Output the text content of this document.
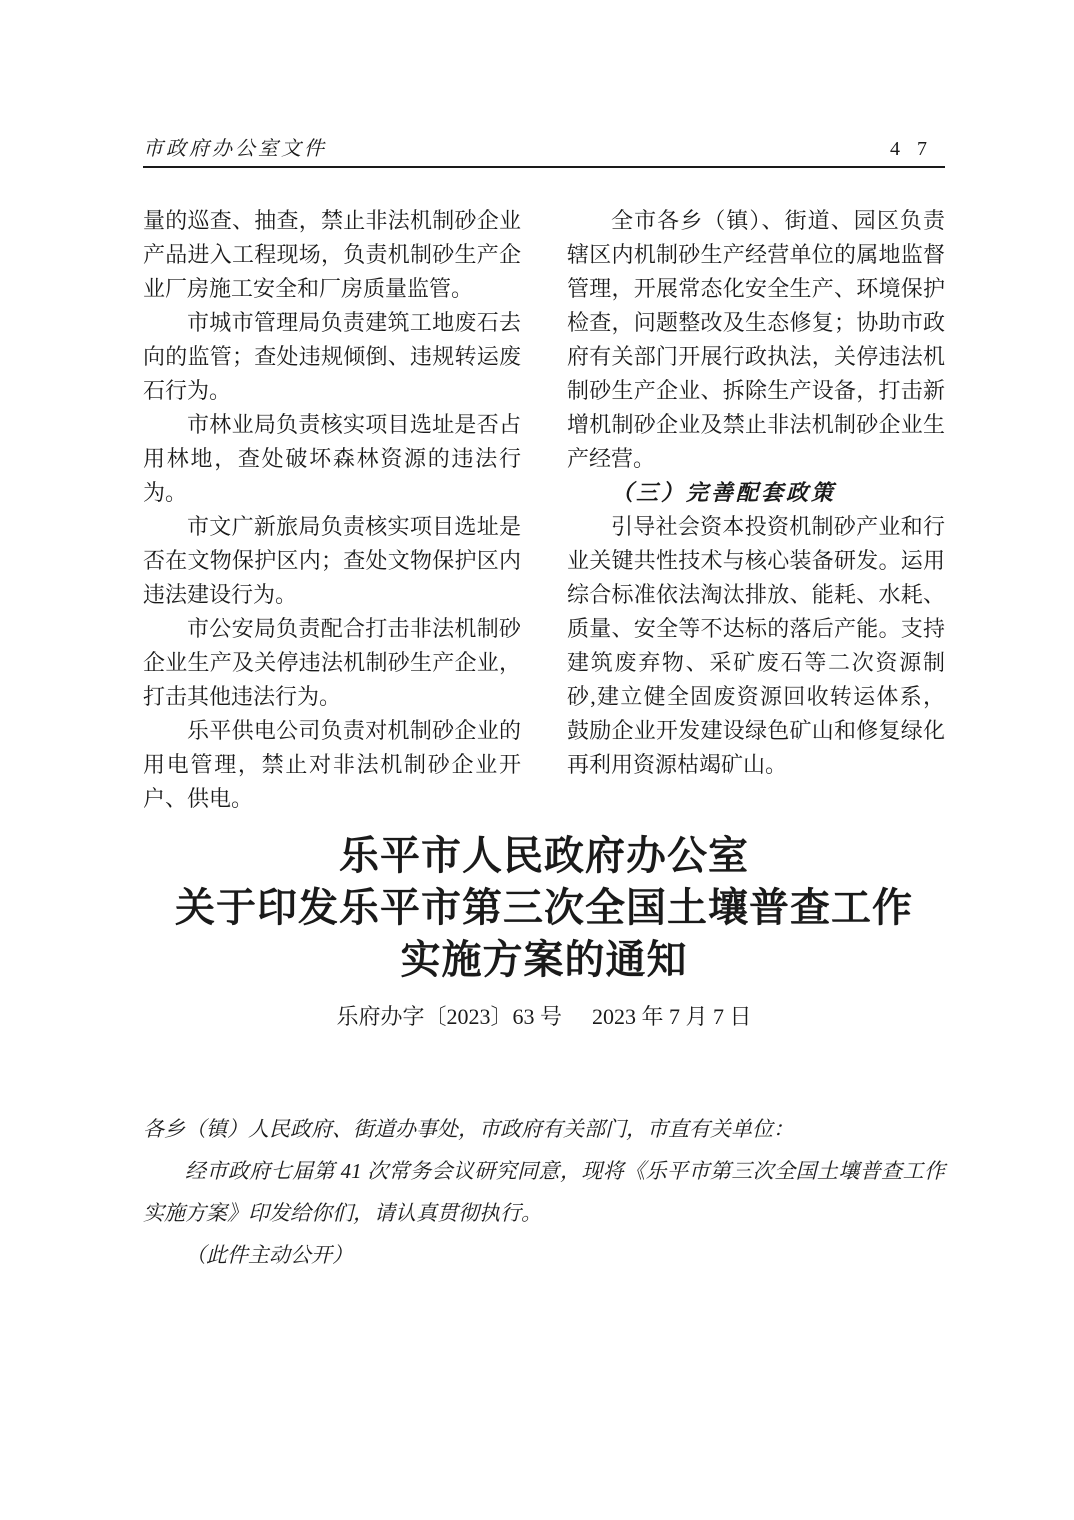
市政府办公室文件	4 7

量的巡查、抽查，禁止非法机制砂企业产品进入工程现场，负责机制砂生产企业厂房施工安全和厂房质量监管。

市城市管理局负责建筑工地废石去向的监管；查处违规倾倒、违规转运废石行为。

市林业局负责核实项目选址是否占用林地，查处破坏森林资源的违法行为。

市文广新旅局负责核实项目选址是否在文物保护区内；查处文物保护区内违法建设行为。

市公安局负责配合打击非法机制砂企业生产及关停违法机制砂生产企业，打击其他违法行为。

乐平供电公司负责对机制砂企业的用电管理，禁止对非法机制砂企业开户、供电。

全市各乡（镇）、街道、园区负责辖区内机制砂生产经营单位的属地监督管理，开展常态化安全生产、环境保护检查，问题整改及生态修复；协助市政府有关部门开展行政执法，关停违法机制砂生产企业、拆除生产设备，打击新增机制砂企业及禁止非法机制砂企业生产经营。

（三）完善配套政策

引导社会资本投资机制砂产业和行业关键共性技术与核心装备研发。运用综合标准依法淘汰排放、能耗、水耗、质量、安全等不达标的落后产能。支持建筑废弃物、采矿废石等二次资源制砂,建立健全固废资源回收转运体系，鼓励企业开发建设绿色矿山和修复绿化再利用资源枯竭矿山。

乐平市人民政府办公室
关于印发乐平市第三次全国土壤普查工作
实施方案的通知
乐府办字〔2023〕63 号 2023 年 7 月 7 日

各乡（镇）人民政府、街道办事处，市政府有关部门，市直有关单位：

经市政府七届第 41 次常务会议研究同意，现将《乐平市第三次全国土壤普查工作实施方案》印发给你们，请认真贯彻执行。

（此件主动公开）
